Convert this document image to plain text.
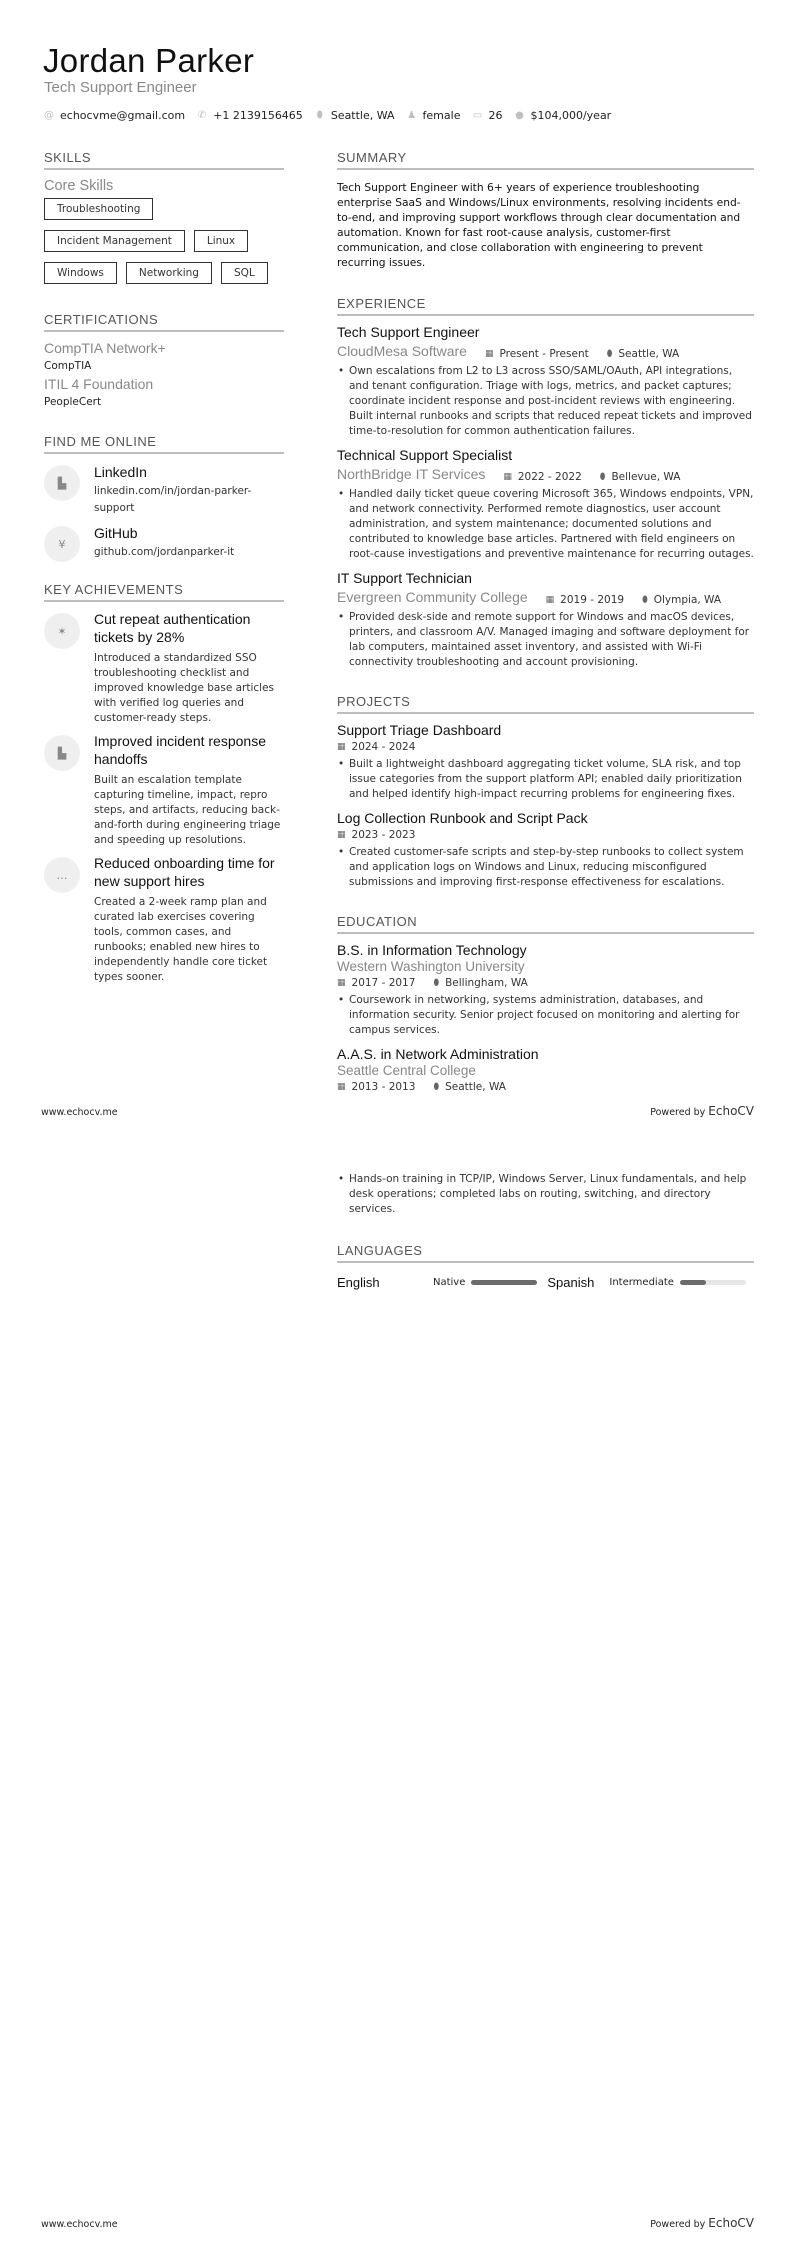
Jordan Parker
Tech Support Engineer
@ echocvme@gmail.com ✆ +1 2139156465 ⬮ Seattle, WA ♟ female ▭ 26 ● $104,000/year
SKILLS
Core Skills
Troubleshooting
Incident Management	Linux
Windows	Networking	SQL
CERTIFICATIONS
CompTIA Network+
CompTIA
ITIL 4 Foundation
PeopleCert
FIND ME ONLINE
▙
LinkedIn
linkedin.com/in/jordan-parker-support
¥
GitHub
github.com/jordanparker-it
KEY ACHIEVEMENTS
✶
Cut repeat authentication tickets by 28%
Introduced a standardized SSO troubleshooting checklist and improved knowledge base articles with verified log queries and customer-ready steps.
▙
Improved incident response handoffs
Built an escalation template capturing timeline, impact, repro steps, and artifacts, reducing back-and-forth during engineering triage and speeding up resolutions.
…
Reduced onboarding time for new support hires
Created a 2-week ramp plan and curated lab exercises covering tools, common cases, and runbooks; enabled new hires to independently handle core ticket types sooner.
SUMMARY
Tech Support Engineer with 6+ years of experience troubleshooting enterprise SaaS and Windows/Linux environments, resolving incidents end-to-end, and improving support workflows through clear documentation and automation. Known for fast root-cause analysis, customer-first communication, and close collaboration with engineering to prevent recurring issues.
EXPERIENCE
Tech Support Engineer
CloudMesa Software ▦ Present - Present ⬮ Seattle, WA
• Own escalations from L2 to L3 across SSO/SAML/OAuth, API integrations, and tenant configuration. Triage with logs, metrics, and packet captures; coordinate incident response and post-incident reviews with engineering. Built internal runbooks and scripts that reduced repeat tickets and improved time-to-resolution for common authentication failures.
Technical Support Specialist
NorthBridge IT Services ▦ 2022 - 2022 ⬮ Bellevue, WA
• Handled daily ticket queue covering Microsoft 365, Windows endpoints, VPN, and network connectivity. Performed remote diagnostics, user account administration, and system maintenance; documented solutions and contributed to knowledge base articles. Partnered with field engineers on root-cause investigations and preventive maintenance for recurring outages.
IT Support Technician
Evergreen Community College ▦ 2019 - 2019 ⬮ Olympia, WA
• Provided desk-side and remote support for Windows and macOS devices, printers, and classroom A/V. Managed imaging and software deployment for lab computers, maintained asset inventory, and assisted with Wi-Fi connectivity troubleshooting and account provisioning.
PROJECTS
Support Triage Dashboard
▦ 2024 - 2024
• Built a lightweight dashboard aggregating ticket volume, SLA risk, and top issue categories from the support platform API; enabled daily prioritization and helped identify high-impact recurring problems for engineering fixes.
Log Collection Runbook and Script Pack
▦ 2023 - 2023
• Created customer-safe scripts and step-by-step runbooks to collect system and application logs on Windows and Linux, reducing misconfigured submissions and improving first-response effectiveness for escalations.
EDUCATION
B.S. in Information Technology
Western Washington University
▦ 2017 - 2017 ⬮ Bellingham, WA
• Coursework in networking, systems administration, databases, and information security. Senior project focused on monitoring and alerting for campus services.
A.A.S. in Network Administration
Seattle Central College
▦ 2013 - 2013 ⬮ Seattle, WA
www.echocv.me	Powered by EchoCV
• Hands-on training in TCP/IP, Windows Server, Linux fundamentals, and help desk operations; completed labs on routing, switching, and directory services.
LANGUAGES
English	Native	Spanish Intermediate
www.echocv.me	Powered by EchoCV
